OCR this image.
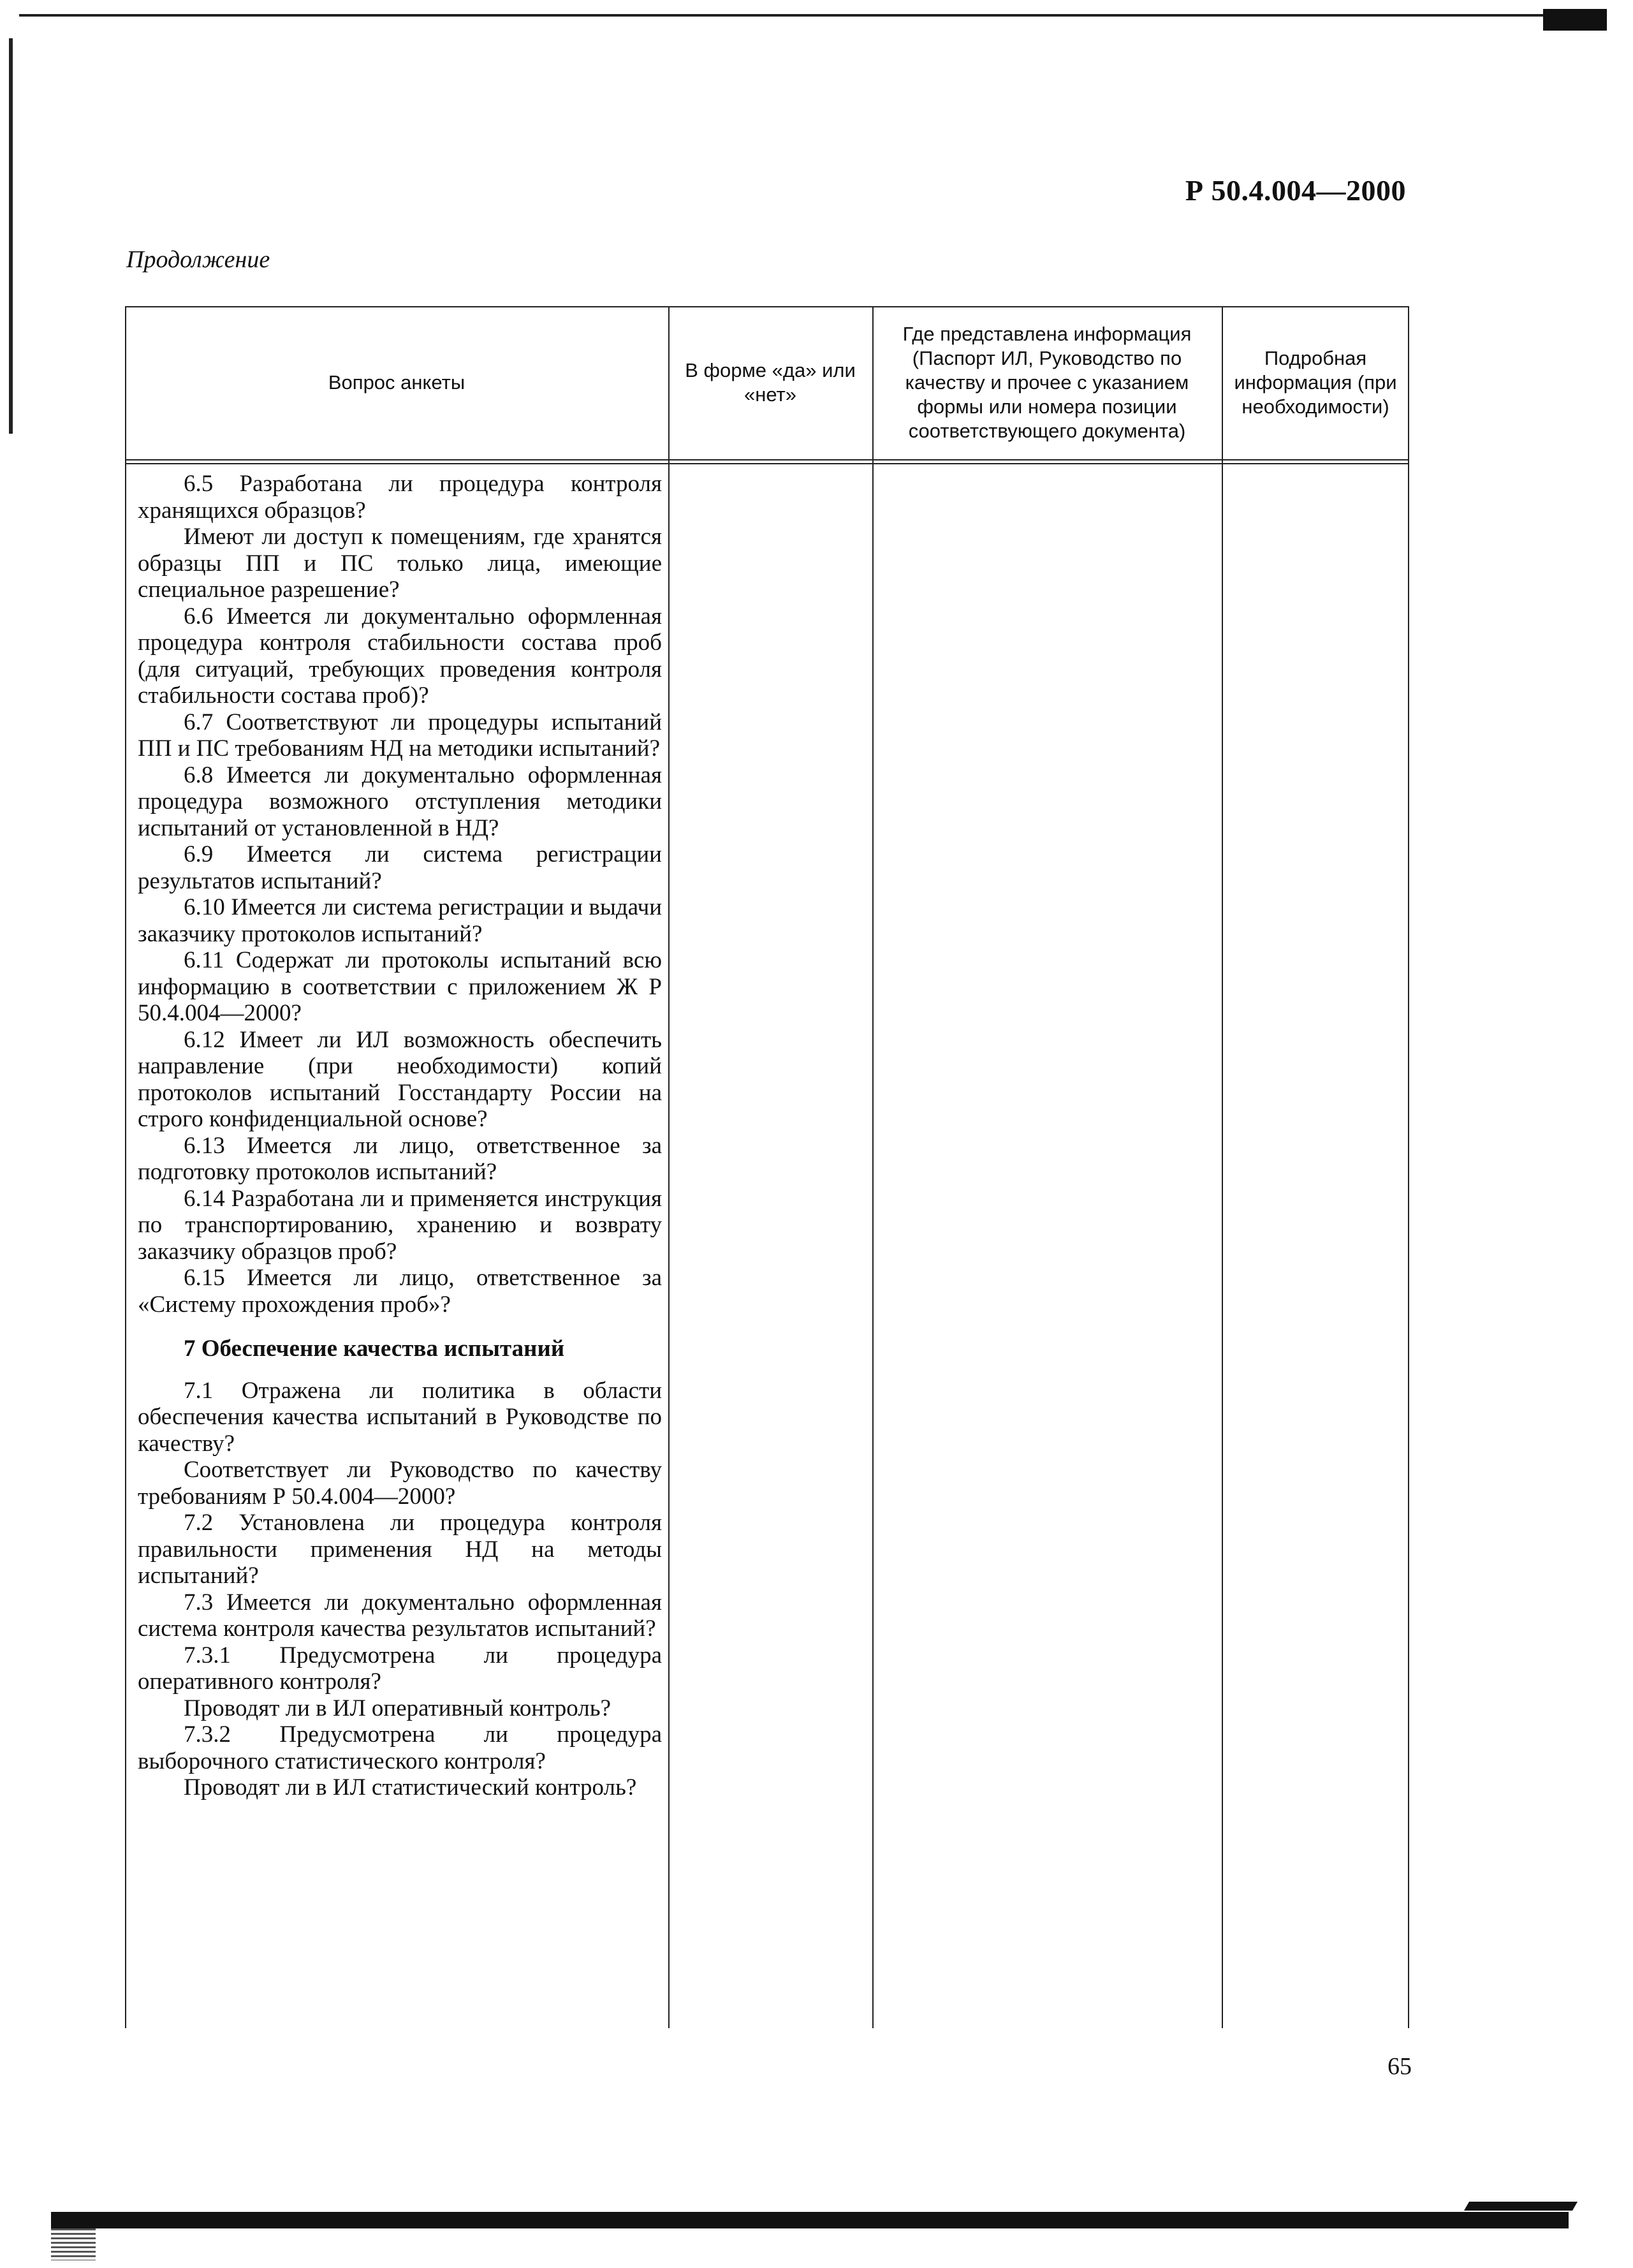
Р 50.4.004—2000
Продолжение
Вопрос анкеты
В форме «да» или «нет»
Где представлена информация (Паспорт ИЛ, Руководство по качеству и прочее с указанием формы или номера позиции соответствующего документа)
Подробная информация (при необходимости)

6.5 Разработана ли процедура контроля хранящихся образцов?

Имеют ли доступ к помещениям, где хранятся образцы ПП и ПС только лица, имеющие специальное разрешение?

6.6 Имеется ли документально оформленная процедура контроля стабильности состава проб (для ситуаций, требующих проведения контроля стабильности состава проб)?

6.7 Соответствуют ли процедуры испытаний ПП и ПС требованиям НД на методики испытаний?

6.8 Имеется ли документально оформленная процедура возможного отступления методики испытаний от установленной в НД?

6.9 Имеется ли система регистрации результатов испытаний?

6.10 Имеется ли система регистрации и выдачи заказчику протоколов испытаний?

6.11 Содержат ли протоколы испытаний всю информацию в соответствии с приложением Ж Р 50.4.004—2000?

6.12 Имеет ли ИЛ возможность обеспечить направление (при необходимости) копий протоколов испытаний Госстандарту России на строго конфиденциальной основе?

6.13 Имеется ли лицо, ответственное за подготовку протоколов испытаний?

6.14 Разработана ли и применяется инструкция по транспортированию, хранению и возврату заказчику образцов проб?

6.15 Имеется ли лицо, ответственное за «Систему прохождения проб»?

7 Обеспечение качества испытаний

7.1 Отражена ли политика в области обеспечения качества испытаний в Руководстве по качеству?

Соответствует ли Руководство по качеству требованиям Р 50.4.004—2000?

7.2 Установлена ли процедура контроля правильности применения НД на методы испытаний?

7.3 Имеется ли документально оформленная система контроля качества результатов испытаний?

7.3.1 Предусмотрена ли процедура оперативного контроля?

Проводят ли в ИЛ оперативный контроль?

7.3.2 Предусмотрена ли процедура выборочного статистического контроля?

Проводят ли в ИЛ статистический контроль?

65
